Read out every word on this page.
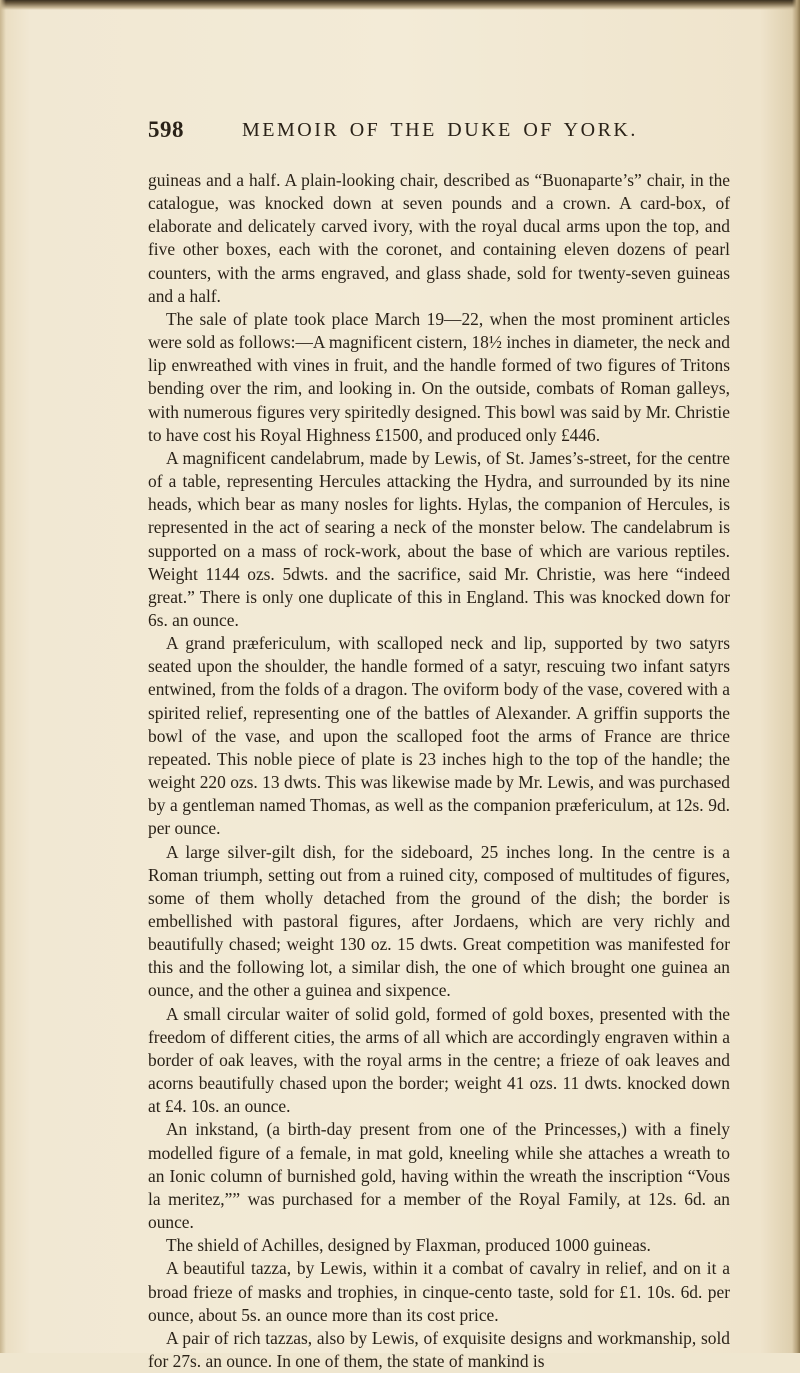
598	MEMOIR OF THE DUKE OF YORK.

guineas and a half. A plain-looking chair, described as “Buonaparte’s” chair, in the catalogue, was knocked down at seven pounds and a crown. A card-box, of elaborate and delicately carved ivory, with the royal ducal arms upon the top, and five other boxes, each with the coronet, and containing eleven dozens of pearl counters, with the arms engraved, and glass shade, sold for twenty-seven guineas and a half.

The sale of plate took place March 19—22, when the most prominent articles were sold as follows:—A magnificent cistern, 18½ inches in diameter, the neck and lip enwreathed with vines in fruit, and the handle formed of two figures of Tritons bending over the rim, and looking in. On the outside, combats of Roman galleys, with numerous figures very spiritedly designed. This bowl was said by Mr. Christie to have cost his Royal Highness £1500, and produced only £446.

A magnificent candelabrum, made by Lewis, of St. James’s-street, for the centre of a table, representing Hercules attacking the Hydra, and surrounded by its nine heads, which bear as many nosles for lights. Hylas, the companion of Hercules, is represented in the act of searing a neck of the monster below. The candelabrum is supported on a mass of rock-work, about the base of which are various reptiles. Weight 1144 ozs. 5dwts. and the sacrifice, said Mr. Christie, was here “indeed great.” There is only one duplicate of this in England. This was knocked down for 6s. an ounce.

A grand præfericulum, with scalloped neck and lip, supported by two satyrs seated upon the shoulder, the handle formed of a satyr, rescuing two infant satyrs entwined, from the folds of a dragon. The oviform body of the vase, covered with a spirited relief, representing one of the battles of Alexander. A griffin supports the bowl of the vase, and upon the scalloped foot the arms of France are thrice repeated. This noble piece of plate is 23 inches high to the top of the handle; the weight 220 ozs. 13 dwts. This was likewise made by Mr. Lewis, and was purchased by a gentleman named Thomas, as well as the companion præfericulum, at 12s. 9d. per ounce.

A large silver-gilt dish, for the sideboard, 25 inches long. In the centre is a Roman triumph, setting out from a ruined city, composed of multitudes of figures, some of them wholly detached from the ground of the dish; the border is embellished with pastoral figures, after Jordaens, which are very richly and beautifully chased; weight 130 oz. 15 dwts. Great competition was manifested for this and the following lot, a similar dish, the one of which brought one guinea an ounce, and the other a guinea and sixpence.

A small circular waiter of solid gold, formed of gold boxes, presented with the freedom of different cities, the arms of all which are accordingly engraven within a border of oak leaves, with the royal arms in the centre; a frieze of oak leaves and acorns beautifully chased upon the border; weight 41 ozs. 11 dwts. knocked down at £4. 10s. an ounce.

An inkstand, (a birth-day present from one of the Princesses,) with a finely modelled figure of a female, in mat gold, kneeling while she attaches a wreath to an Ionic column of burnished gold, having within the wreath the inscription “Vous la meritez,”” was purchased for a member of the Royal Family, at 12s. 6d. an ounce.

The shield of Achilles, designed by Flaxman, produced 1000 guineas.

A beautiful tazza, by Lewis, within it a combat of cavalry in relief, and on it a broad frieze of masks and trophies, in cinque-cento taste, sold for £1. 10s. 6d. per ounce, about 5s. an ounce more than its cost price.

A pair of rich tazzas, also by Lewis, of exquisite designs and workmanship, sold for 27s. an ounce. In one of them, the state of mankind is
